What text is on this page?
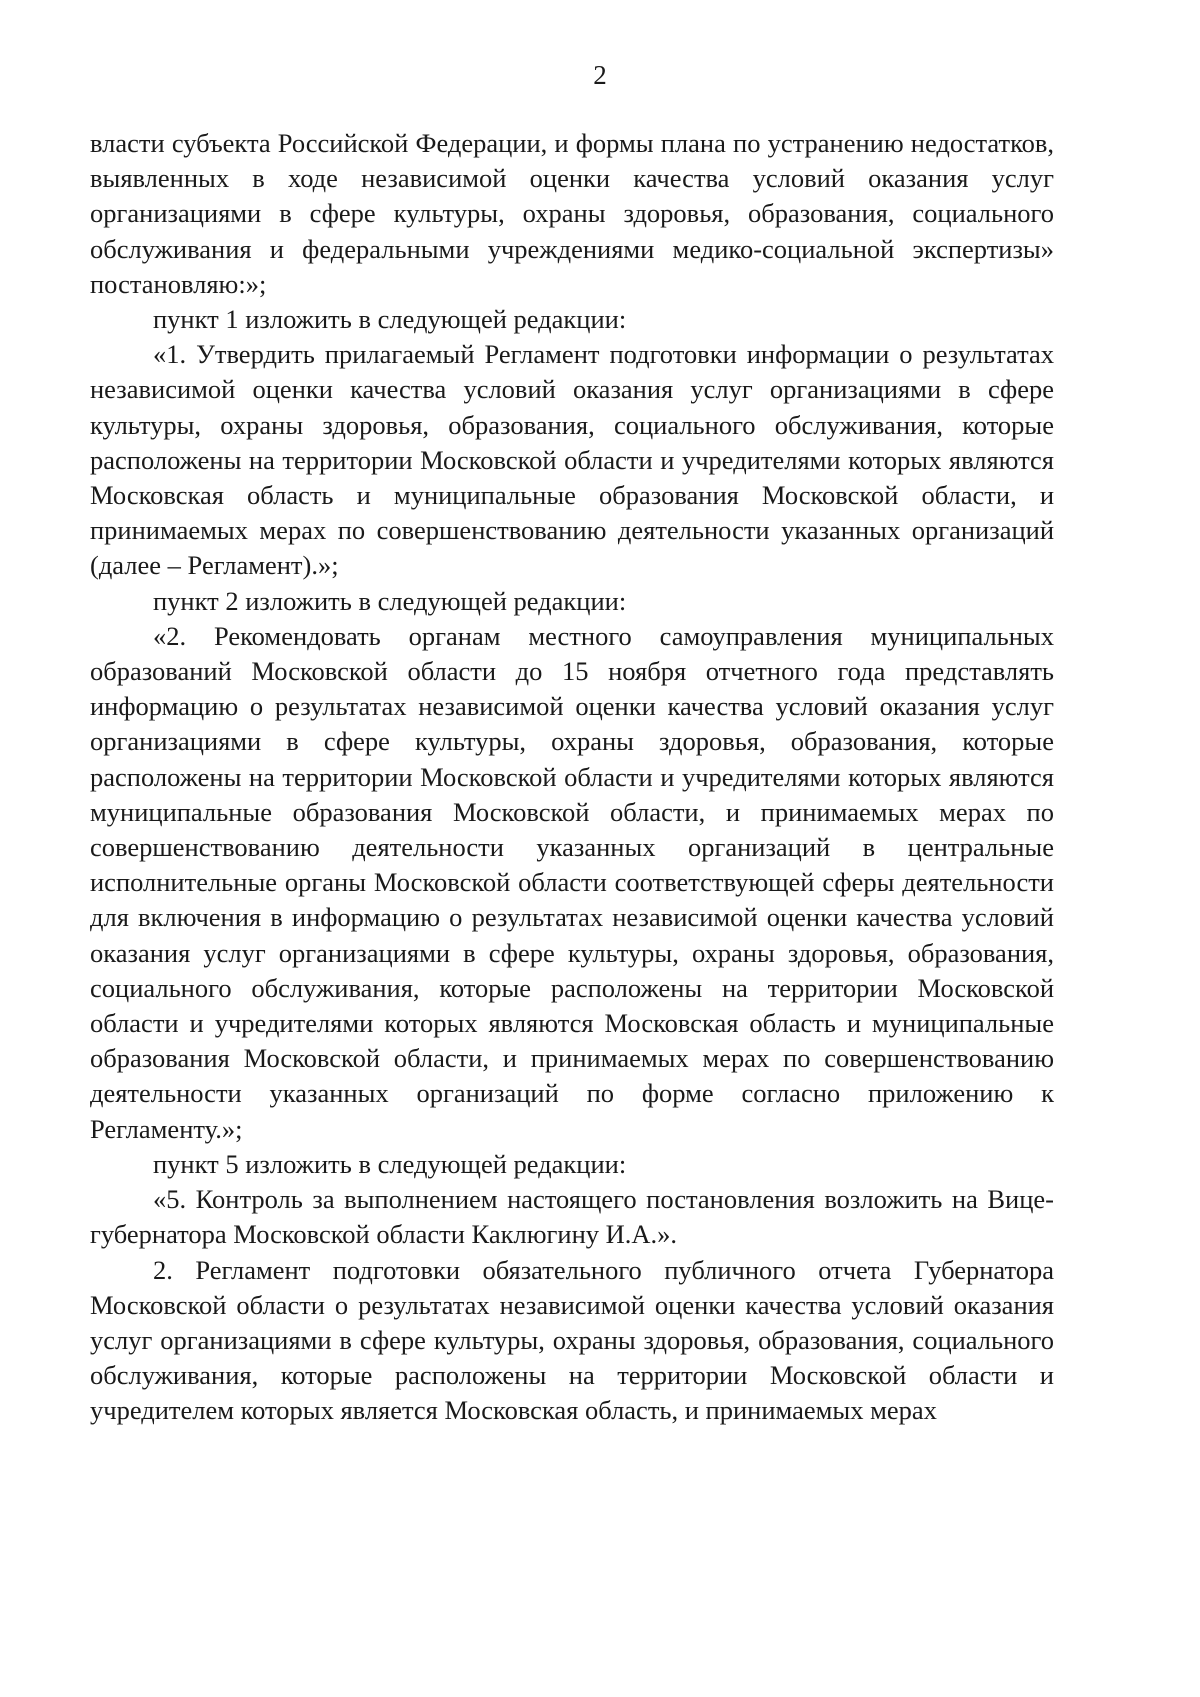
2

власти субъекта Российской Федерации, и формы плана по устранению недостатков, выявленных в ходе независимой оценки качества условий оказания услуг организациями в сфере культуры, охраны здоровья, образования, социального обслуживания и федеральными учреждениями медико-социальной экспертизы» постановляю:»;

пункт 1 изложить в следующей редакции:

«1. Утвердить прилагаемый Регламент подготовки информации о результатах независимой оценки качества условий оказания услуг организациями в сфере культуры, охраны здоровья, образования, социального обслуживания, которые расположены на территории Московской области и учредителями которых являются Московская область и муниципальные образования Московской области, и принимаемых мерах по совершенствованию деятельности указанных организаций (далее – Регламент).»;

пункт 2 изложить в следующей редакции:

«2. Рекомендовать органам местного самоуправления муниципальных образований Московской области до 15 ноября отчетного года представлять информацию о результатах независимой оценки качества условий оказания услуг организациями в сфере культуры, охраны здоровья, образования, которые расположены на территории Московской области и учредителями которых являются муниципальные образования Московской области, и принимаемых мерах по совершенствованию деятельности указанных организаций в центральные исполнительные органы Московской области соответствующей сферы деятельности для включения в информацию о результатах независимой оценки качества условий оказания услуг организациями в сфере культуры, охраны здоровья, образования, социального обслуживания, которые расположены на территории Московской области и учредителями которых являются Московская область и муниципальные образования Московской области, и принимаемых мерах по совершенствованию деятельности указанных организаций по форме согласно приложению к Регламенту.»;

пункт 5 изложить в следующей редакции:

«5. Контроль за выполнением настоящего постановления возложить на Вице-губернатора Московской области Каклюгину И.А.».

2. Регламент подготовки обязательного публичного отчета Губернатора Московской области о результатах независимой оценки качества условий оказания услуг организациями в сфере культуры, охраны здоровья, образования, социального обслуживания, которые расположены на территории Московской области и учредителем которых является Московская область, и принимаемых мерах
